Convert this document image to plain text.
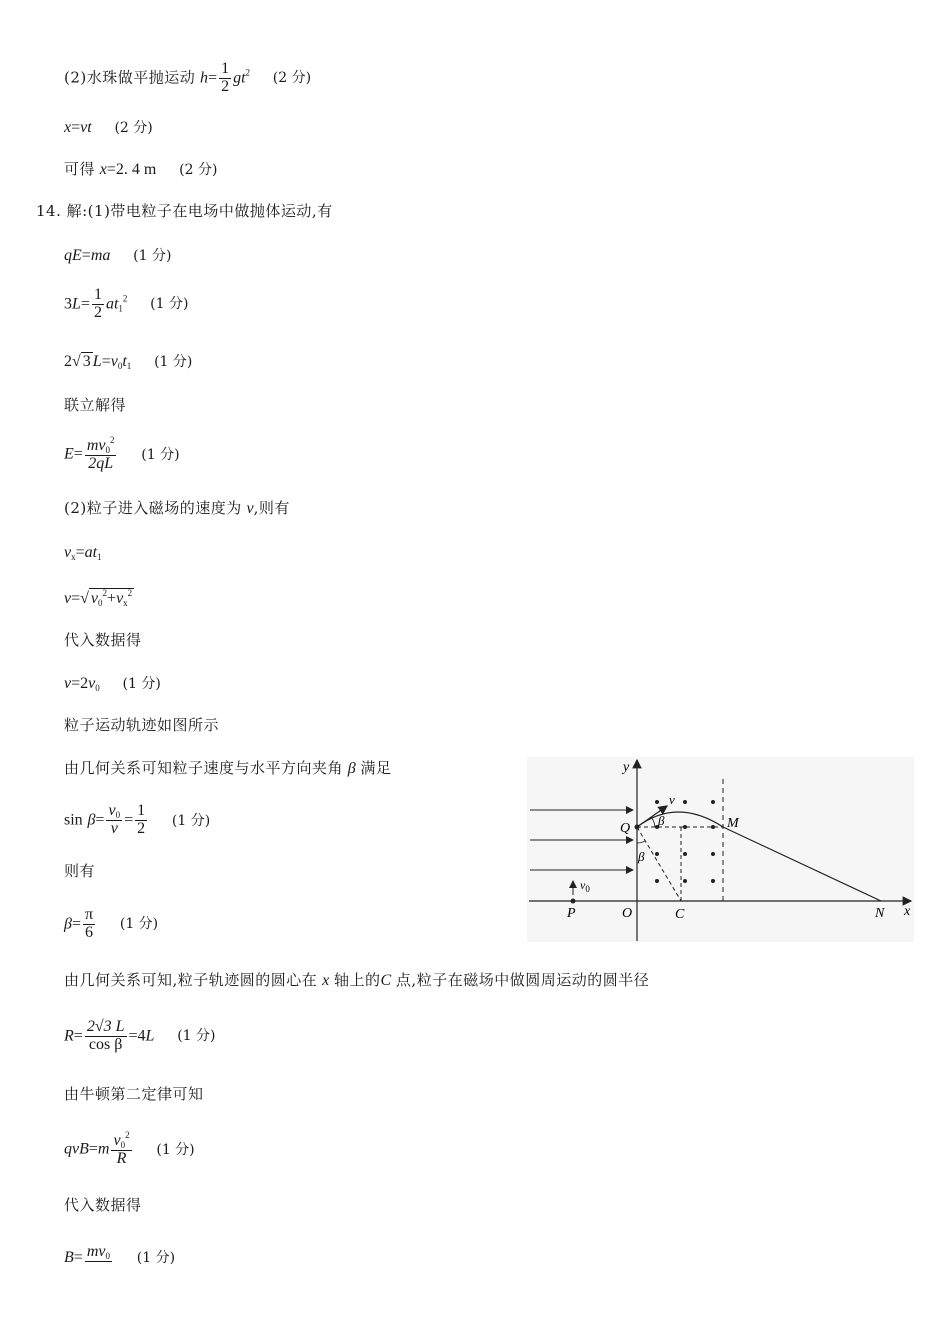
(2)水珠做平抛运动 $h= \frac{1}{2} gt^2$ (2 分)
x=vt (2 分)
可得 x=2. 4 m (2 分)
14. 解:(1)带电粒子在电场中做抛体运动,有
qE=ma (1 分)
$3L= \frac{1}{2} at_1^2$ (1 分)
2√ 3 $L=v_0t_1$ (1 分)
联立解得
$E= \frac{mv_0^2}{2qL} (1$ 分)
(2)粒子进入磁场的速度为 v,则有
$v_x=at_1$
v=√ $v_0^2+v_x^2$
代入数据得
$v=2v_0$ (1 分)
粒子运动轨迹如图所示
由几何关系可知粒子速度与水平方向夹角 β 满足
$\sin \beta= \frac{v_0}{v} = \frac{1}{2} (1$ 分)
则有
$\beta= \frac{\pi}{6} (1$ 分)
由几何关系可知,粒子轨迹圆的圆心在 x 轴上的C 点,粒子在磁场中做圆周运动的圆半径
$R= \frac{2√3 L}{\text{cos β}} =4L$ (1 分)
由牛顿第二定律可知
$qvB=m \frac{v_0^2}{R} (1$ 分)
代入数据得
$B= mv_0$ (1 分)
y
x
v
Q	M
β
β
$v_0$
P	O	C	N
